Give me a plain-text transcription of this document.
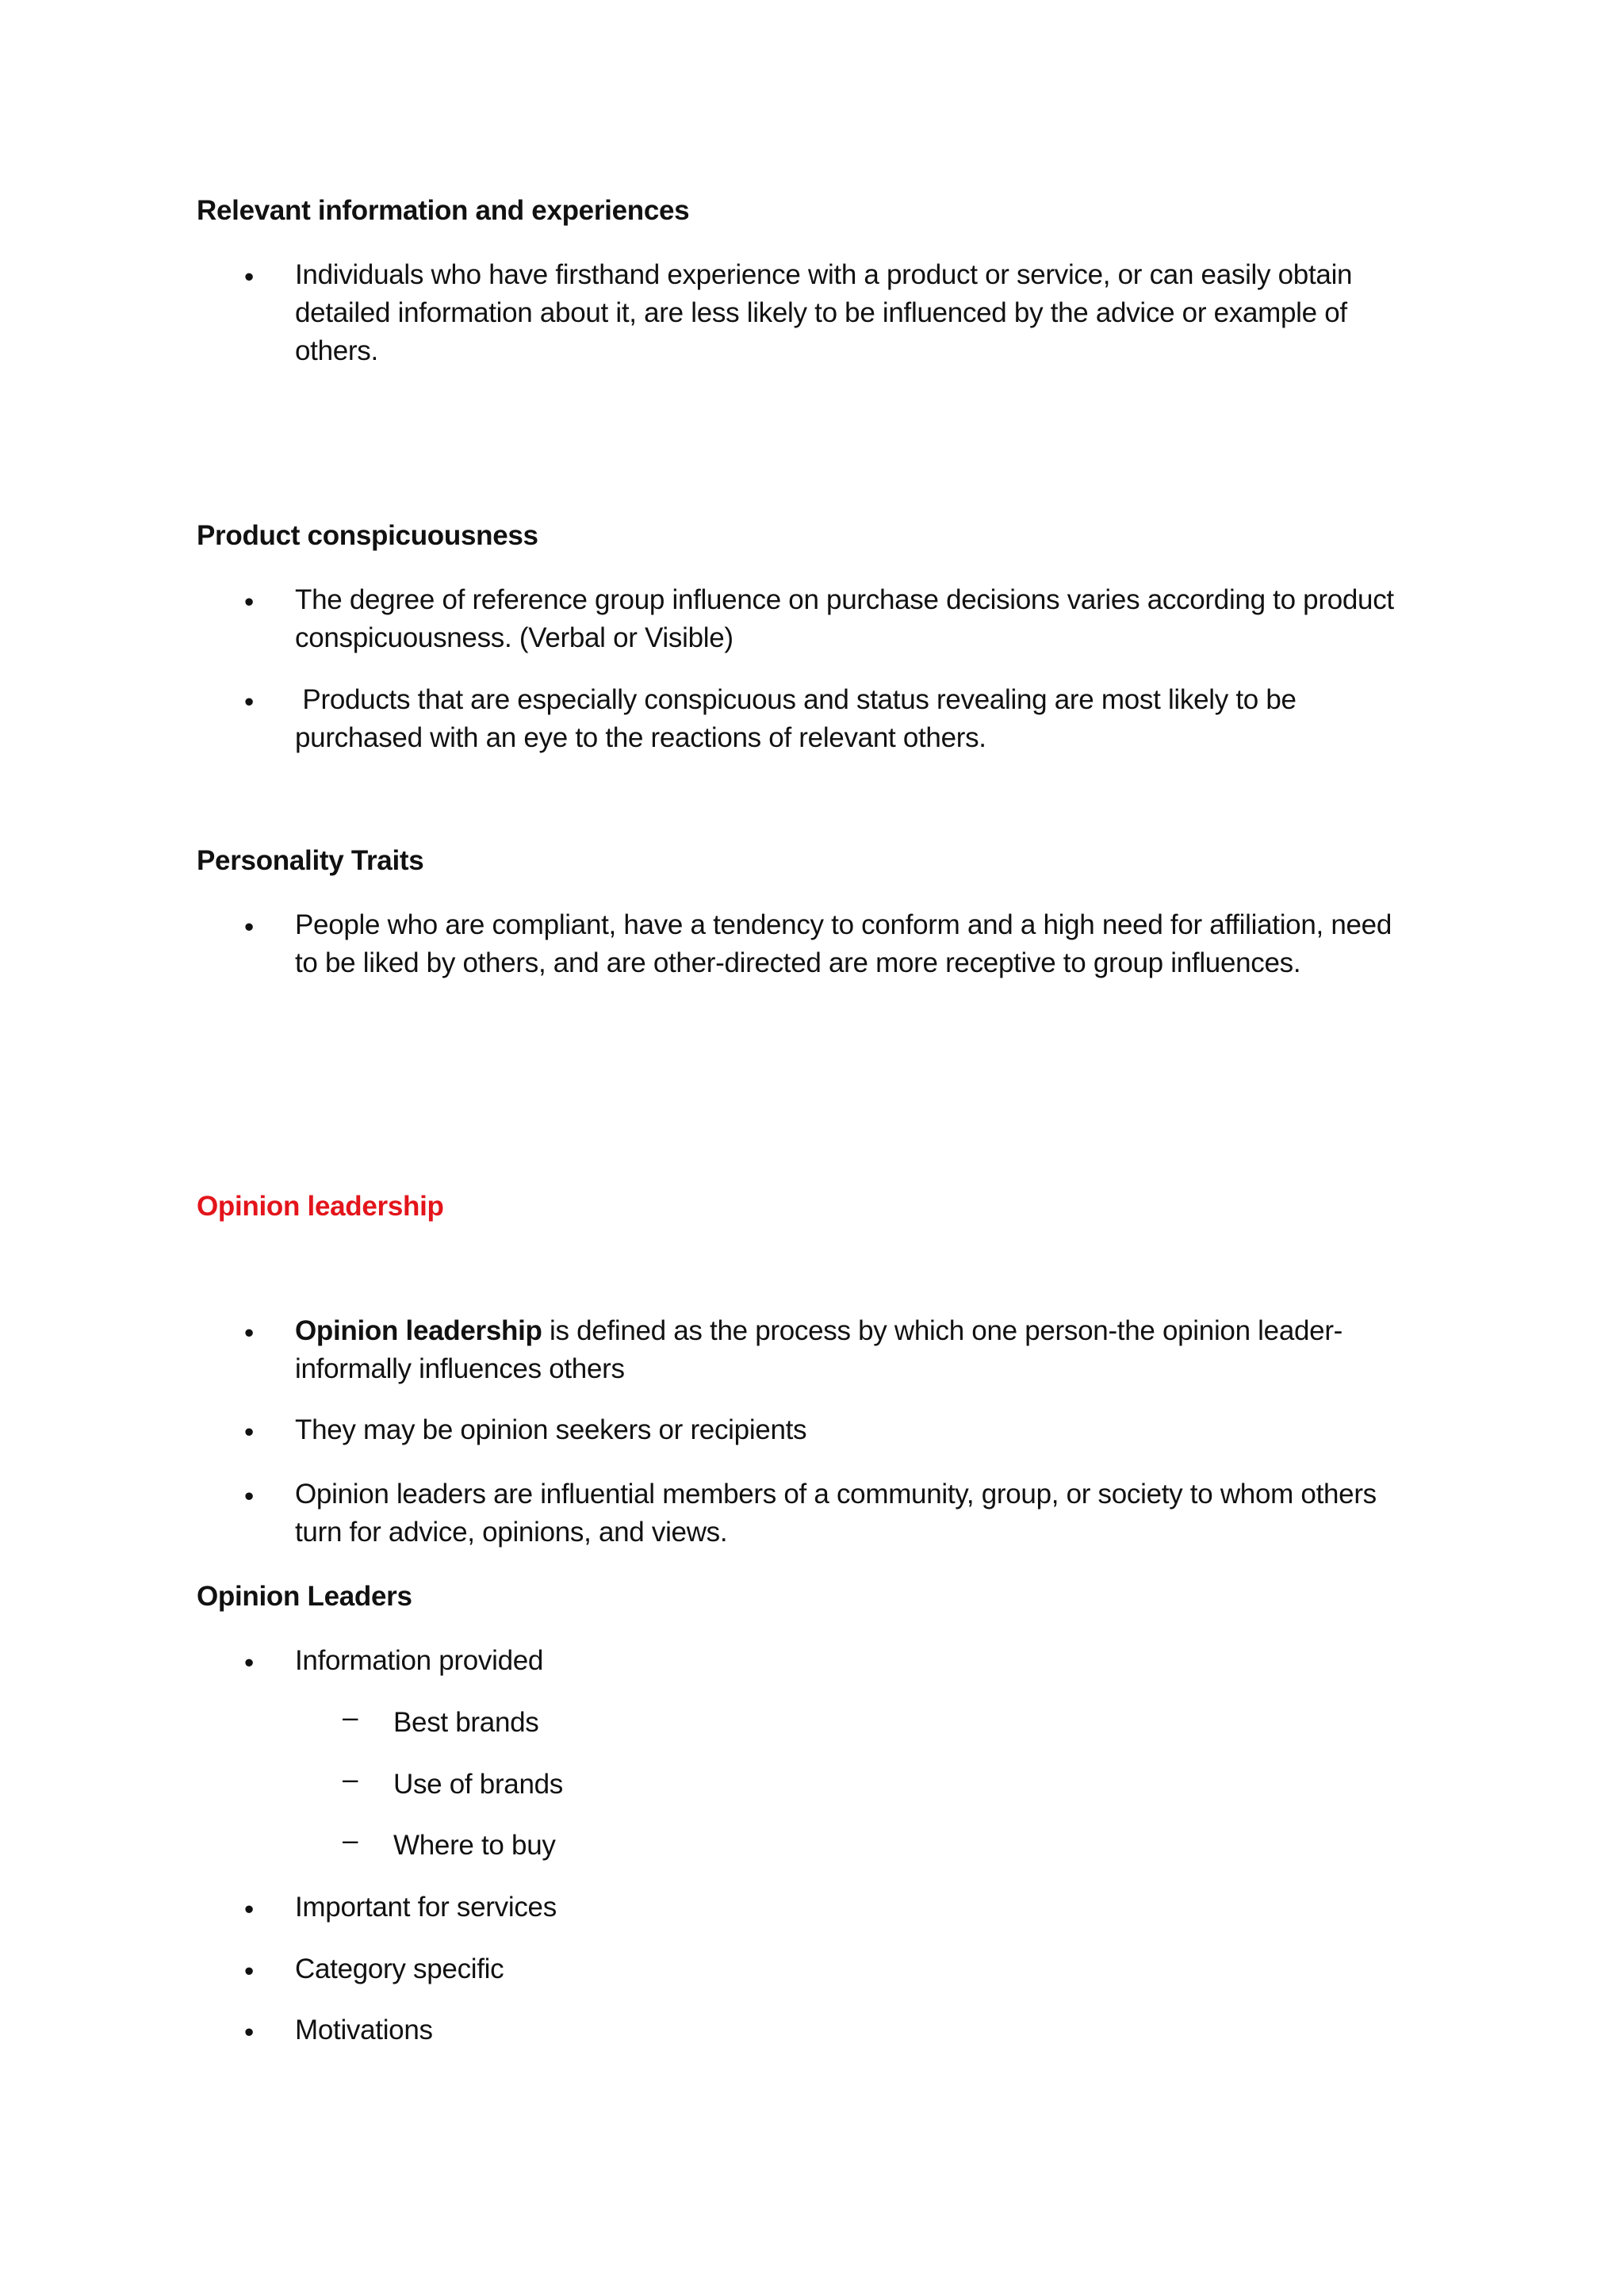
Relevant information and experiences
• Individuals who have firsthand experience with a product or service, or can easily obtain
detailed information about it, are less likely to be influenced by the advice or example of
others.
Product conspicuousness
• The degree of reference group influence on purchase decisions varies according to product
conspicuousness. (Verbal or Visible)
• Products that are especially conspicuous and status revealing are most likely to be
purchased with an eye to the reactions of relevant others.
Personality Traits
• People who are compliant, have a tendency to conform and a high need for affiliation, need
to be liked by others, and are other-directed are more receptive to group influences.
Opinion leadership
• Opinion leadership is defined as the process by which one person-the opinion leader-
informally influences others
• They may be opinion seekers or recipients
• Opinion leaders are influential members of a community, group, or society to whom others
turn for advice, opinions, and views.
Opinion Leaders
• Information provided
– Best brands
– Use of brands
– Where to buy
• Important for services
• Category specific
• Motivations
